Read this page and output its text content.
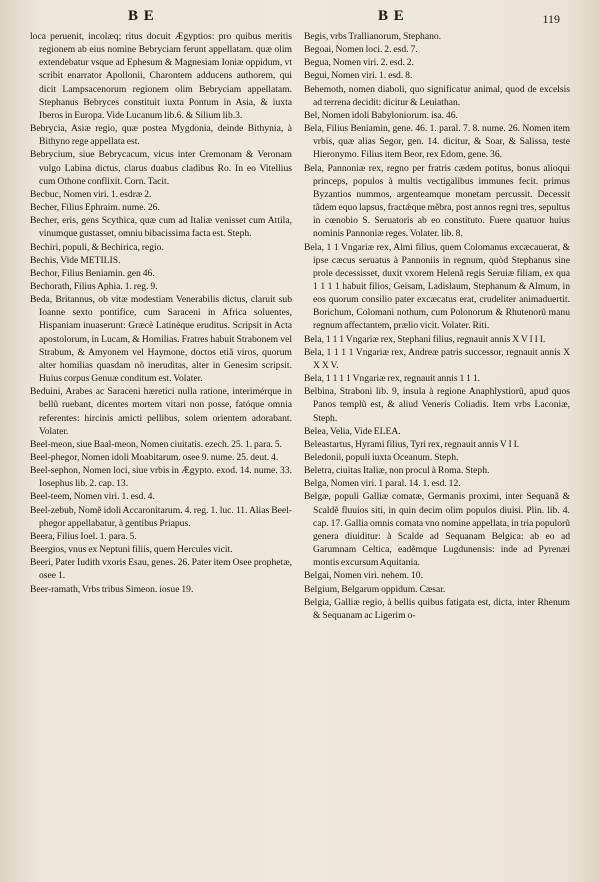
B E	B E	119
loca peruenit, incolæq; ritus docuit Ægyptios: pro quibus meritis regionem ab eius nomine Bebryciam ferunt appellatam. quæ olim extendebatur vsque ad Ephesum & Magnesiam Ioniæ oppidum, vt scribit enarrator Apollonii, Charontem adducens authorem, qui dicit Lampsacenorum regionem olim Bebryciam appellatam. Stephanus Bebryces constituit iuxta Pontum in Asia, & iuxta Iberos in Europa. Vide Lucanum lib.6. & Silium lib.3.
Bebrycia, Asiæ regio, quæ postea Mygdonia, deinde Bithynia, à Bithyno rege appellata est.
Bebrycium, siue Bebrycacum, vicus inter Cremonam & Veronam vulgo Labina dictus, clarus duabus cladibus Ro. In eo Vitellius cum Othone conflixit. Corn. Tacit.
Becbuc, Nomen viri. 1. esdræ 2.
Becher, Filius Ephraim. nume. 26.
Becher, eris, gens Scythica, quæ cum ad Italiæ venisset cum Attila, vinumque gustasset, omniu bibacissima facta est. Steph.
Bechiri, populi, & Bechirica, regio.
Bechis, Vide METILIS.
Bechor, Filius Beniamin. gen 46.
Bechorath, Filius Aphia. 1. reg. 9.
Beda, Britannus, ob vitæ modestiam Venerabilis dictus, claruit sub Ioanne sexto pontifice, cum Saraceni in Africa soluentes, Hispaniam inuaserunt: Græcè Latinèque eruditus. Scripsit in Acta apostolorum, in Lucam, & Homilias. Fratres habuit Strabonem vel Strabum, & Amyonem vel Haymone, doctos etiã viros, quorum alter homilias quasdam nõ ineruditas, alter in Genesim scripsit. Huius corpus Genuæ conditum est. Volater.
Beduini, Arabes ac Saraceni hæretici nulla ratione, interimérque in bellũ ruebant, dicentes mortem vitari non posse, fatóque omnia referentes: hircinis amicti pellibus, solem orientem adorabant. Volater.
Beel-meon, siue Baal-meon, Nomen ciuitatis. ezech. 25. 1. para. 5.
Beel-phegor, Nomen idoli Moabitarum. osee 9. nume. 25. deut. 4.
Beel-sephon, Nomen loci, siue vrbis in Ægypto. exod. 14. nume. 33. Iosephus lib. 2. cap. 13.
Beel-teem, Nomen viri. 1. esd. 4.
Beel-zebub, Nomẽ idoli Accaronitarum. 4. reg. 1. luc. 11. Alias Beel-phegor appellabatur, à gentibus Priapus.
Beera, Filius Ioel. 1. para. 5.
Beergios, vnus ex Neptuni filiis, quem Hercules vicit.
Beeri, Pater Iudith vxoris Esau, genes. 26. Pater item Osee prophetæ, osee 1.
Beer-ramath, Vrbs tribus Simeon. iosue 19.
Begis, vrbs Trallianorum, Stephano.
Begoai, Nomen loci. 2. esd. 7.
Begua, Nomen viri. 2. esd. 2.
Begui, Nomen viri. 1. esd. 8.
Behemoth, nomen diaboli, quo significatur animal, quod de excelsis ad terrena decidit: dicitur & Leuiathan.
Bel, Nomen idoli Babyloniorum. isa. 46.
Bela, Filius Beniamin, gene. 46. 1. paral. 7. 8. nume. 26. Nomen item vrbis, quæ alias Segor, gen. 14. dicitur, & Soar, & Salissa, teste Hieronymo. Filius item Beor, rex Edom, gene. 36.
Bela, Pannoniæ rex, regno per fratris cædem potitus, bonus alioqui princeps, populos à multis vectigalibus immunes fecit. primus Byzantios nummos, argenteamque monetam percussit. Decessit tãdem equo lapsus, fractǽque mẽbra, post annos regni tres, sepultus in cœnobio S. Seruatoris ab eo constituto. Fuere quatuor huius nominis Pannoniæ reges. Volater. lib. 8.
Bela, 1 1 Vngariæ rex, Almi filius, quem Colomanus excæcauerat, & ipse cæcus seruatus à Pannoniis in regnum, quòd Stephanus sine prole decessisset, duxit vxorem Helenã regis Seruiæ filiam, ex qua 1 1 1 1 habuit filios, Geisam, Ladislaum, Stephanum & Almum, in eos quorum consilio pater excæcatus erat, crudeliter animaduertit. Borichum, Colomani nothum, cum Polonorum & Rhutenorũ manu regnum affectantem, prælio vicit. Volater. Riti.
Bela, 1 1 1 Vngariæ rex, Stephani filius, regnauit annis X V I I I.
Bela, 1 1 1 1 Vngariæ rex, Andreæ patris successor, regnauit annis X X X V.
Bela, 1 1 1 1 Vngariæ rex, regnauit annis 1 1 1.
Belbina, Straboni lib. 9, insula à regione Anaphlystiorũ, apud quos Panos templũ est, & aliud Veneris Coliadis. Item vrbs Laconiæ, Steph.
Belea, Velia, Vide ELEA.
Beleastartus, Hyrami filius, Tyri rex, regnauit annis V I I.
Beledonii, populi iuxta Oceanum. Steph.
Beletra, ciuitas Italiæ, non procul à Roma. Steph.
Belga, Nomen viri. 1 paral. 14. 1. esd. 12.
Belgæ, populi Galliæ comatæ, Germanis proximi, inter Sequanã & Scaldẽ fluuios siti, in quin decim olim populos diuisi. Plin. lib. 4. cap. 17. Gallia omnis comata vno nomine appellata, in tria populorũ genera diuiditur: à Scalde ad Sequanam Belgica: ab eo ad Garumnam Celtica, eadẽmque Lugdunensis: inde ad Pyrenæi montis excursum Aquitania.
Belgai, Nomen viri. nehem. 10.
Belgium, Belgarum oppidum. Cæsar.
Belgia, Galliæ regio, à bellis quibus fatigata est, dicta, inter Rhenum & Sequanam ac Ligerim o-
